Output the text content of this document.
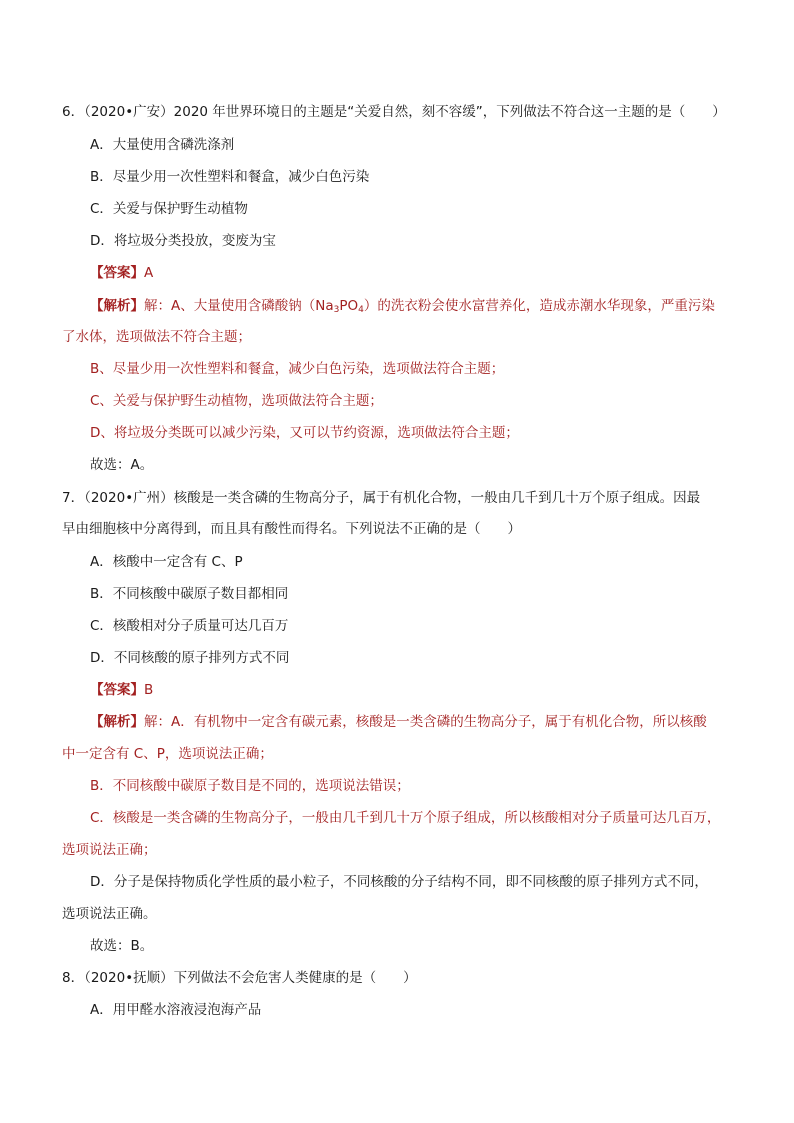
6．（2020•广安）2020 年世界环境日的主题是“关爱自然，刻不容缓”，下列做法不符合这一主题的是（　　）
A．大量使用含磷洗涤剂
B．尽量少用一次性塑料和餐盒，减少白色污染
C．关爱与保护野生动植物
D．将垃圾分类投放，变废为宝
【答案】A
【解析】解：A、大量使用含磷酸钠$(Na_3PO_4)$的洗衣粉会使水富营养化，造成赤潮水华现象，严重污染
了水体，选项做法不符合主题；
B、尽量少用一次性塑料和餐盒，减少白色污染，选项做法符合主题；
C、关爱与保护野生动植物，选项做法符合主题；
D、将垃圾分类既可以减少污染，又可以节约资源，选项做法符合主题；
故选：A。
7．（2020•广州）核酸是一类含磷的生物高分子，属于有机化合物，一般由几千到几十万个原子组成。因最
早由细胞核中分离得到，而且具有酸性而得名。下列说法不正确的是（　　）
A．核酸中一定含有 C、P
B．不同核酸中碳原子数目都相同
C．核酸相对分子质量可达几百万
D．不同核酸的原子排列方式不同
【答案】B
【解析】解：A．有机物中一定含有碳元素，核酸是一类含磷的生物高分子，属于有机化合物，所以核酸
中一定含有 C、P，选项说法正确；
B．不同核酸中碳原子数目是不同的，选项说法错误；
C．核酸是一类含磷的生物高分子，一般由几千到几十万个原子组成，所以核酸相对分子质量可达几百万，
选项说法正确；
D．分子是保持物质化学性质的最小粒子，不同核酸的分子结构不同，即不同核酸的原子排列方式不同，
选项说法正确。
故选：B。
8．（2020•抚顺）下列做法不会危害人类健康的是（　　）
A．用甲醛水溶液浸泡海产品
